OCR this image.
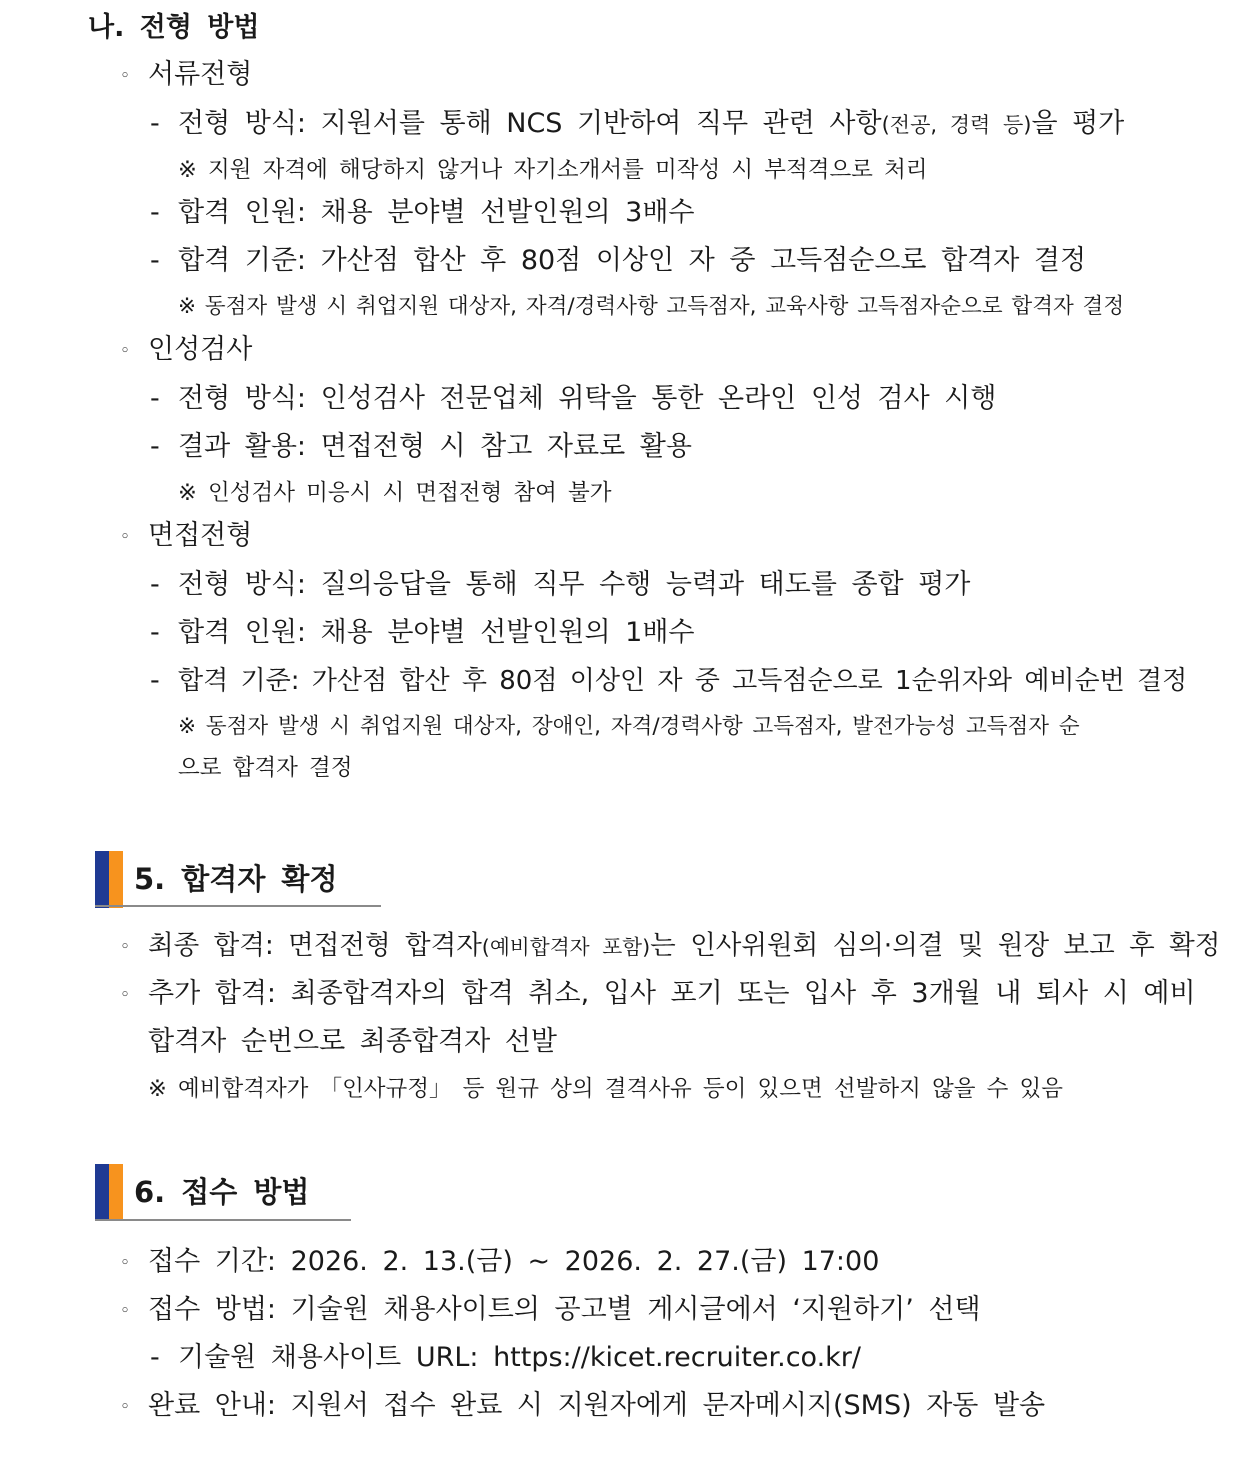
나. 전형 방법
◦ 서류전형
- 전형 방식: 지원서를 통해 NCS 기반하여 직무 관련 사항(전공, 경력 등)을 평가
※ 지원 자격에 해당하지 않거나 자기소개서를 미작성 시 부적격으로 처리
- 합격 인원: 채용 분야별 선발인원의 3배수
- 합격 기준: 가산점 합산 후 80점 이상인 자 중 고득점순으로 합격자 결정
※ 동점자 발생 시 취업지원 대상자, 자격/경력사항 고득점자, 교육사항 고득점자순으로 합격자 결정
◦ 인성검사
- 전형 방식: 인성검사 전문업체 위탁을 통한 온라인 인성 검사 시행
- 결과 활용: 면접전형 시 참고 자료로 활용
※ 인성검사 미응시 시 면접전형 참여 불가
◦ 면접전형
- 전형 방식: 질의응답을 통해 직무 수행 능력과 태도를 종합 평가
- 합격 인원: 채용 분야별 선발인원의 1배수
- 합격 기준: 가산점 합산 후 80점 이상인 자 중 고득점순으로 1순위자와 예비순번 결정
※ 동점자 발생 시 취업지원 대상자, 장애인, 자격/경력사항 고득점자, 발전가능성 고득점자 순
으로 합격자 결정
5. 합격자 확정
◦ 최종 합격: 면접전형 합격자(예비합격자 포함)는 인사위원회 심의·의결 및 원장 보고 후 확정
◦ 추가 합격: 최종합격자의 합격 취소, 입사 포기 또는 입사 후 3개월 내 퇴사 시 예비
합격자 순번으로 최종합격자 선발
※ 예비합격자가 「인사규정」 등 원규 상의 결격사유 등이 있으면 선발하지 않을 수 있음
6. 접수 방법
◦ 접수 기간: 2026. 2. 13.(금) ~ 2026. 2. 27.(금) 17:00
◦ 접수 방법: 기술원 채용사이트의 공고별 게시글에서 ‘지원하기’ 선택
- 기술원 채용사이트 URL: https://kicet.recruiter.co.kr/
◦ 완료 안내: 지원서 접수 완료 시 지원자에게 문자메시지(SMS) 자동 발송
